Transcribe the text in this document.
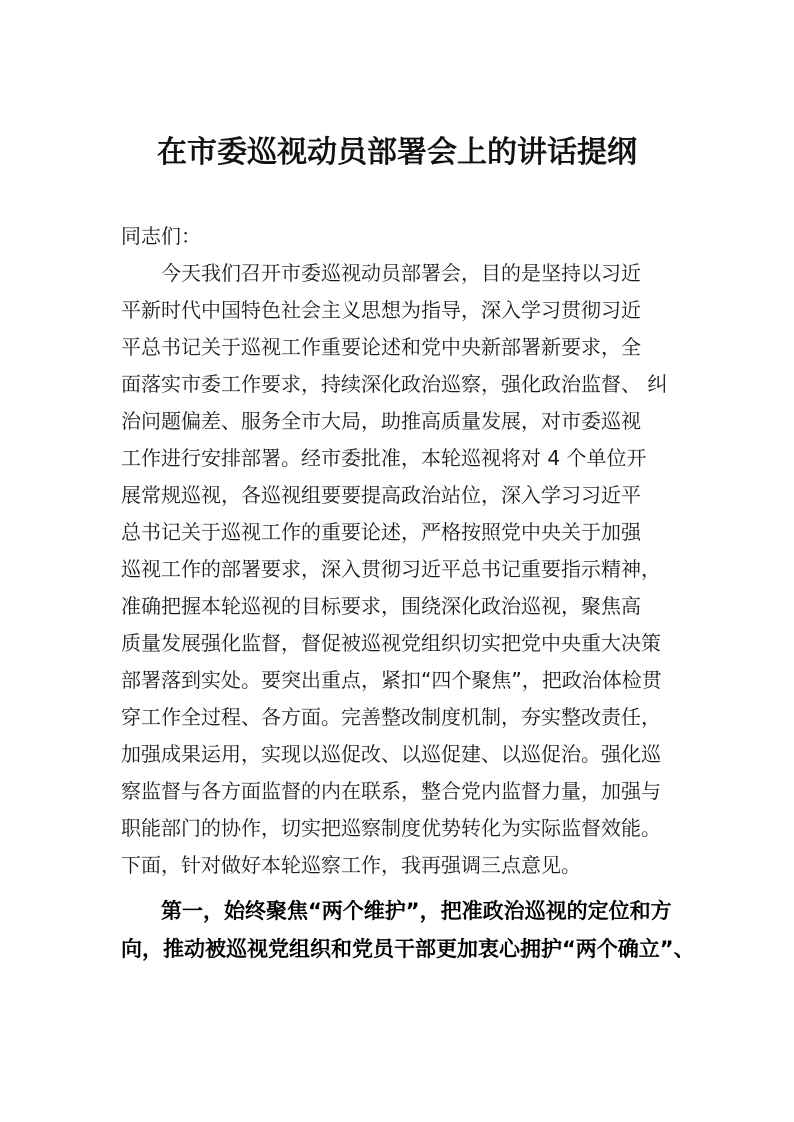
在市委巡视动员部署会上的讲话提纲
同志们：
今天我们召开市委巡视动员部署会，目的是坚持以习近
平新时代中国特色社会主义思想为指导，深入学习贯彻习近
平总书记关于巡视工作重要论述和党中央新部署新要求，全
面落实市委工作要求，持续深化政治巡察，强化政治监督、 纠
治问题偏差、服务全市大局，助推高质量发展，对市委巡视
工作进行安排部署。经市委批准，本轮巡视将对 4 个单位开
展常规巡视，各巡视组要要提高政治站位，深入学习习近平
总书记关于巡视工作的重要论述，严格按照党中央关于加强
巡视工作的部署要求，深入贯彻习近平总书记重要指示精神，
准确把握本轮巡视的目标要求，围绕深化政治巡视，聚焦高
质量发展强化监督，督促被巡视党组织切实把党中央重大决策
部署落到实处。要突出重点，紧扣“四个聚焦”，把政治体检贯
穿工作全过程、各方面。完善整改制度机制，夯实整改责任，
加强成果运用，实现以巡促改、以巡促建、以巡促治。强化巡
察监督与各方面监督的内在联系，整合党内监督力量，加强与
职能部门的协作，切实把巡察制度优势转化为实际监督效能。
下面，针对做好本轮巡察工作，我再强调三点意见。
第一，始终聚焦“两个维护”，把准政治巡视的定位和方
向，推动被巡视党组织和党员干部更加衷心拥护“两个确立”、
